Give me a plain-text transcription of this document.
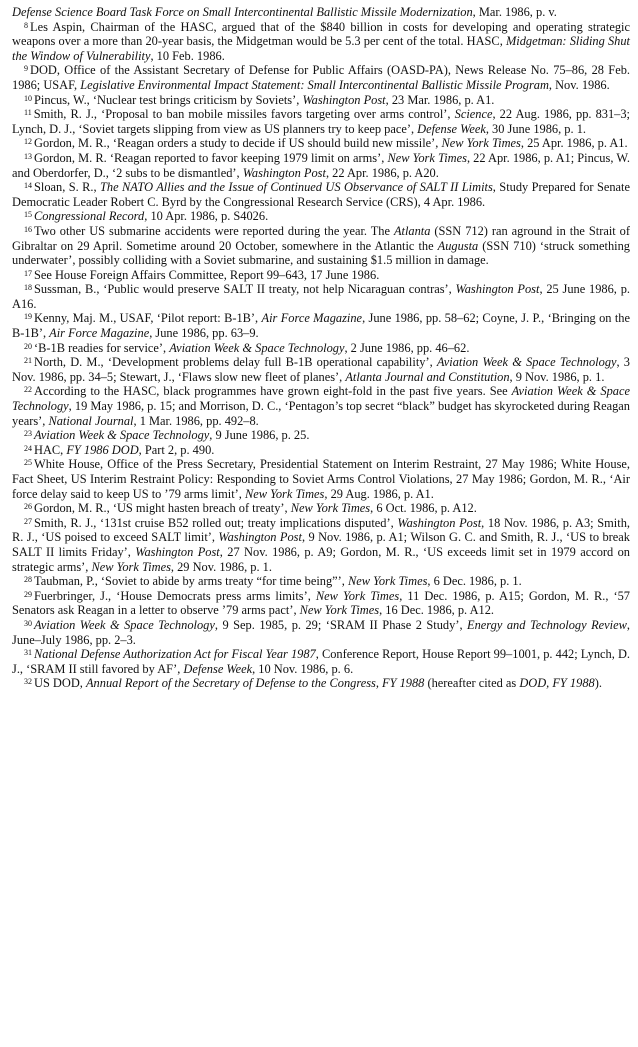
Defense Science Board Task Force on Small Intercontinental Ballistic Missile Modernization, Mar. 1986, p. v.

$^8$ Les Aspin, Chairman of the HASC, argued that of the $840 billion in costs for developing and operating strategic weapons over a more than 20-year basis, the Midgetman would be 5.3 per cent of the total. HASC, Midgetman: Sliding Shut the Window of Vulnerability, 10 Feb. 1986.

$^9$ DOD, Office of the Assistant Secretary of Defense for Public Affairs (OASD-PA), News Release No. 75–86, 28 Feb. 1986; USAF, Legislative Environmental Impact Statement: Small Intercontinental Ballistic Missile Program, Nov. 1986.

$^{10}$ Pincus, W., ‘Nuclear test brings criticism by Soviets’, Washington Post, 23 Mar. 1986, p. A1.

$^{11}$ Smith, R. J., ‘Proposal to ban mobile missiles favors targeting over arms control’, Science, 22 Aug. 1986, pp. 831–3; Lynch, D. J., ‘Soviet targets slipping from view as US planners try to keep pace’, Defense Week, 30 June 1986, p. 1.

$^{12}$ Gordon, M. R., ‘Reagan orders a study to decide if US should build new missile’, New York Times, 25 Apr. 1986, p. A1.

$^{13}$ Gordon, M. R. ‘Reagan reported to favor keeping 1979 limit on arms’, New York Times, 22 Apr. 1986, p. A1; Pincus, W. and Oberdorfer, D., ‘2 subs to be dismantled’, Washington Post, 22 Apr. 1986, p. A20.

$^{14}$ Sloan, S. R., The NATO Allies and the Issue of Continued US Observance of SALT II Limits, Study Prepared for Senate Democratic Leader Robert C. Byrd by the Congressional Research Service (CRS), 4 Apr. 1986.

$^{15}$ Congressional Record, 10 Apr. 1986, p. S4026.

$^{16}$ Two other US submarine accidents were reported during the year. The Atlanta (SSN 712) ran aground in the Strait of Gibraltar on 29 April. Sometime around 20 October, somewhere in the Atlantic the Augusta (SSN 710) ‘struck something underwater’, possibly colliding with a Soviet submarine, and sustaining $1.5 million in damage.

$^{17}$ See House Foreign Affairs Committee, Report 99–643, 17 June 1986.

$^{18}$ Sussman, B., ‘Public would preserve SALT II treaty, not help Nicaraguan contras’, Washington Post, 25 June 1986, p. A16.

$^{19}$ Kenny, Maj. M., USAF, ‘Pilot report: B-1B’, Air Force Magazine, June 1986, pp. 58–62; Coyne, J. P., ‘Bringing on the B-1B’, Air Force Magazine, June 1986, pp. 63–9.

$^{20}$ ‘B-1B readies for service’, Aviation Week & Space Technology, 2 June 1986, pp. 46–62.

$^{21}$ North, D. M., ‘Development problems delay full B-1B operational capability’, Aviation Week & Space Technology, 3 Nov. 1986, pp. 34–5; Stewart, J., ‘Flaws slow new fleet of planes’, Atlanta Journal and Constitution, 9 Nov. 1986, p. 1.

$^{22}$ According to the HASC, black programmes have grown eight-fold in the past five years. See Aviation Week & Space Technology, 19 May 1986, p. 15; and Morrison, D. C., ‘Pentagon’s top secret “black” budget has skyrocketed during Reagan years’, National Journal, 1 Mar. 1986, pp. 492–8.

$^{23}$ Aviation Week & Space Technology, 9 June 1986, p. 25.

$^{24}$ HAC, FY 1986 DOD, Part 2, p. 490.

$^{25}$ White House, Office of the Press Secretary, Presidential Statement on Interim Restraint, 27 May 1986; White House, Fact Sheet, US Interim Restraint Policy: Responding to Soviet Arms Control Violations, 27 May 1986; Gordon, M. R., ‘Air force delay said to keep US to ’79 arms limit’, New York Times, 29 Aug. 1986, p. A1.

$^{26}$ Gordon, M. R., ‘US might hasten breach of treaty’, New York Times, 6 Oct. 1986, p. A12.

$^{27}$ Smith, R. J., ‘131st cruise B52 rolled out; treaty implications disputed’, Washington Post, 18 Nov. 1986, p. A3; Smith, R. J., ‘US poised to exceed SALT limit’, Washington Post, 9 Nov. 1986, p. A1; Wilson G. C. and Smith, R. J., ‘US to break SALT II limits Friday’, Washington Post, 27 Nov. 1986, p. A9; Gordon, M. R., ‘US exceeds limit set in 1979 accord on strategic arms’, New York Times, 29 Nov. 1986, p. 1.

$^{28}$ Taubman, P., ‘Soviet to abide by arms treaty “for time being”’, New York Times, 6 Dec. 1986, p. 1.

$^{29}$ Fuerbringer, J., ‘House Democrats press arms limits’, New York Times, 11 Dec. 1986, p. A15; Gordon, M. R., ‘57 Senators ask Reagan in a letter to observe ’79 arms pact’, New York Times, 16 Dec. 1986, p. A12.

$^{30}$ Aviation Week & Space Technology, 9 Sep. 1985, p. 29; ‘SRAM II Phase 2 Study’, Energy and Technology Review, June–July 1986, pp. 2–3.

$^{31}$ National Defense Authorization Act for Fiscal Year 1987, Conference Report, House Report 99–1001, p. 442; Lynch, D. J., ‘SRAM II still favored by AF’, Defense Week, 10 Nov. 1986, p. 6.

$^{32}$ US DOD, Annual Report of the Secretary of Defense to the Congress, FY 1988 (hereafter cited as DOD, FY 1988).
